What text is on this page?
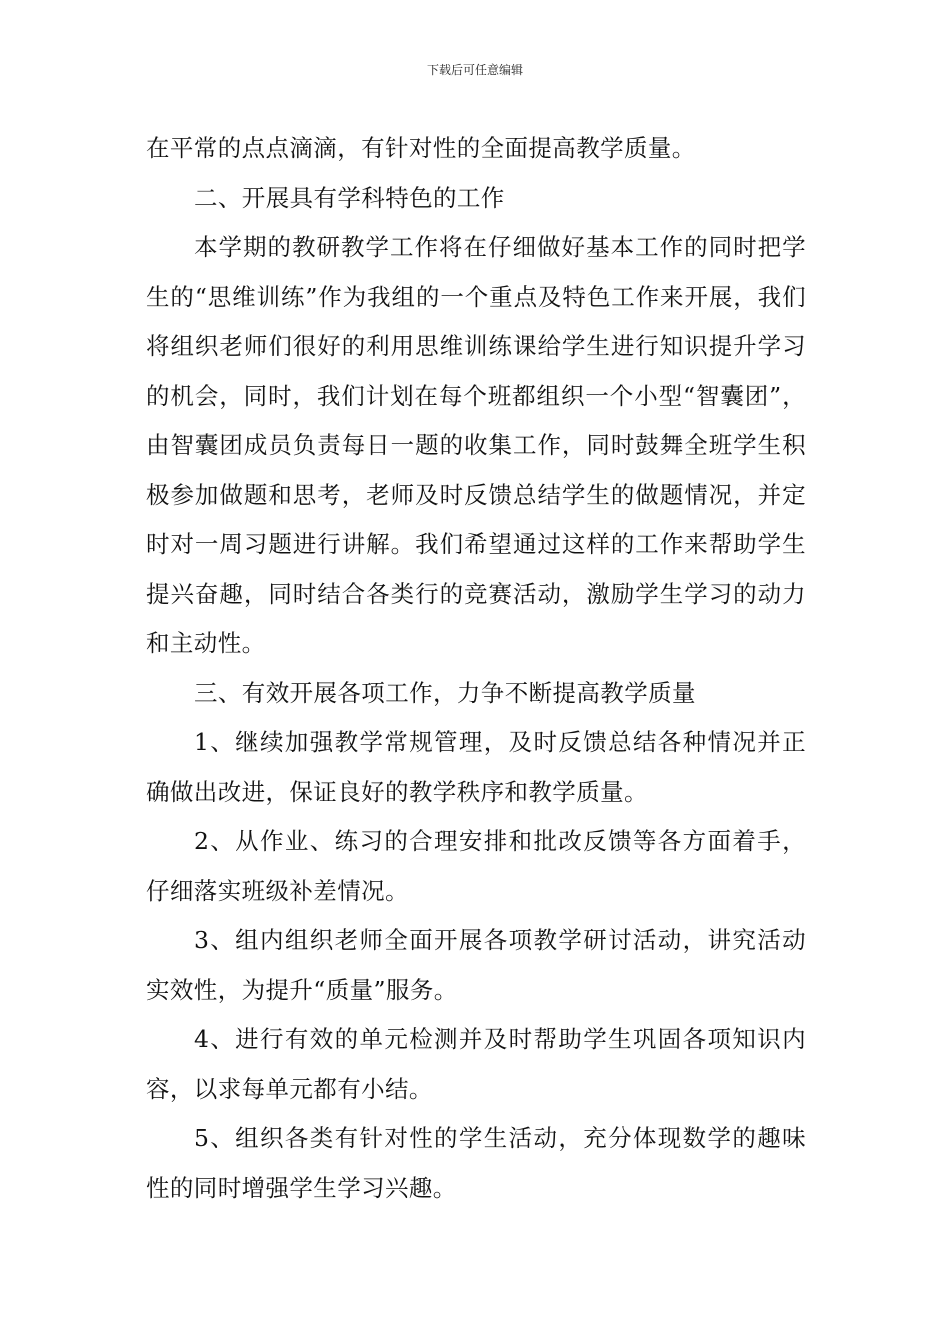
下载后可任意编辑

在平常的点点滴滴，有针对性的全面提高教学质量。

二、开展具有学科特色的工作

本学期的教研教学工作将在仔细做好基本工作的同时把学生的“思维训练”作为我组的一个重点及特色工作来开展，我们将组织老师们很好的利用思维训练课给学生进行知识提升学习的机会，同时，我们计划在每个班都组织一个小型“智囊团”，由智囊团成员负责每日一题的收集工作，同时鼓舞全班学生积极参加做题和思考，老师及时反馈总结学生的做题情况，并定时对一周习题进行讲解。我们希望通过这样的工作来帮助学生提兴奋趣，同时结合各类行的竞赛活动，激励学生学习的动力和主动性。

三、有效开展各项工作，力争不断提高教学质量

1、继续加强教学常规管理，及时反馈总结各种情况并正确做出改进，保证良好的教学秩序和教学质量。

2、从作业、练习的合理安排和批改反馈等各方面着手，仔细落实班级补差情况。

3、组内组织老师全面开展各项教学研讨活动，讲究活动实效性，为提升“质量”服务。

4、进行有效的单元检测并及时帮助学生巩固各项知识内容，以求每单元都有小结。

5、组织各类有针对性的学生活动，充分体现数学的趣味性的同时增强学生学习兴趣。
